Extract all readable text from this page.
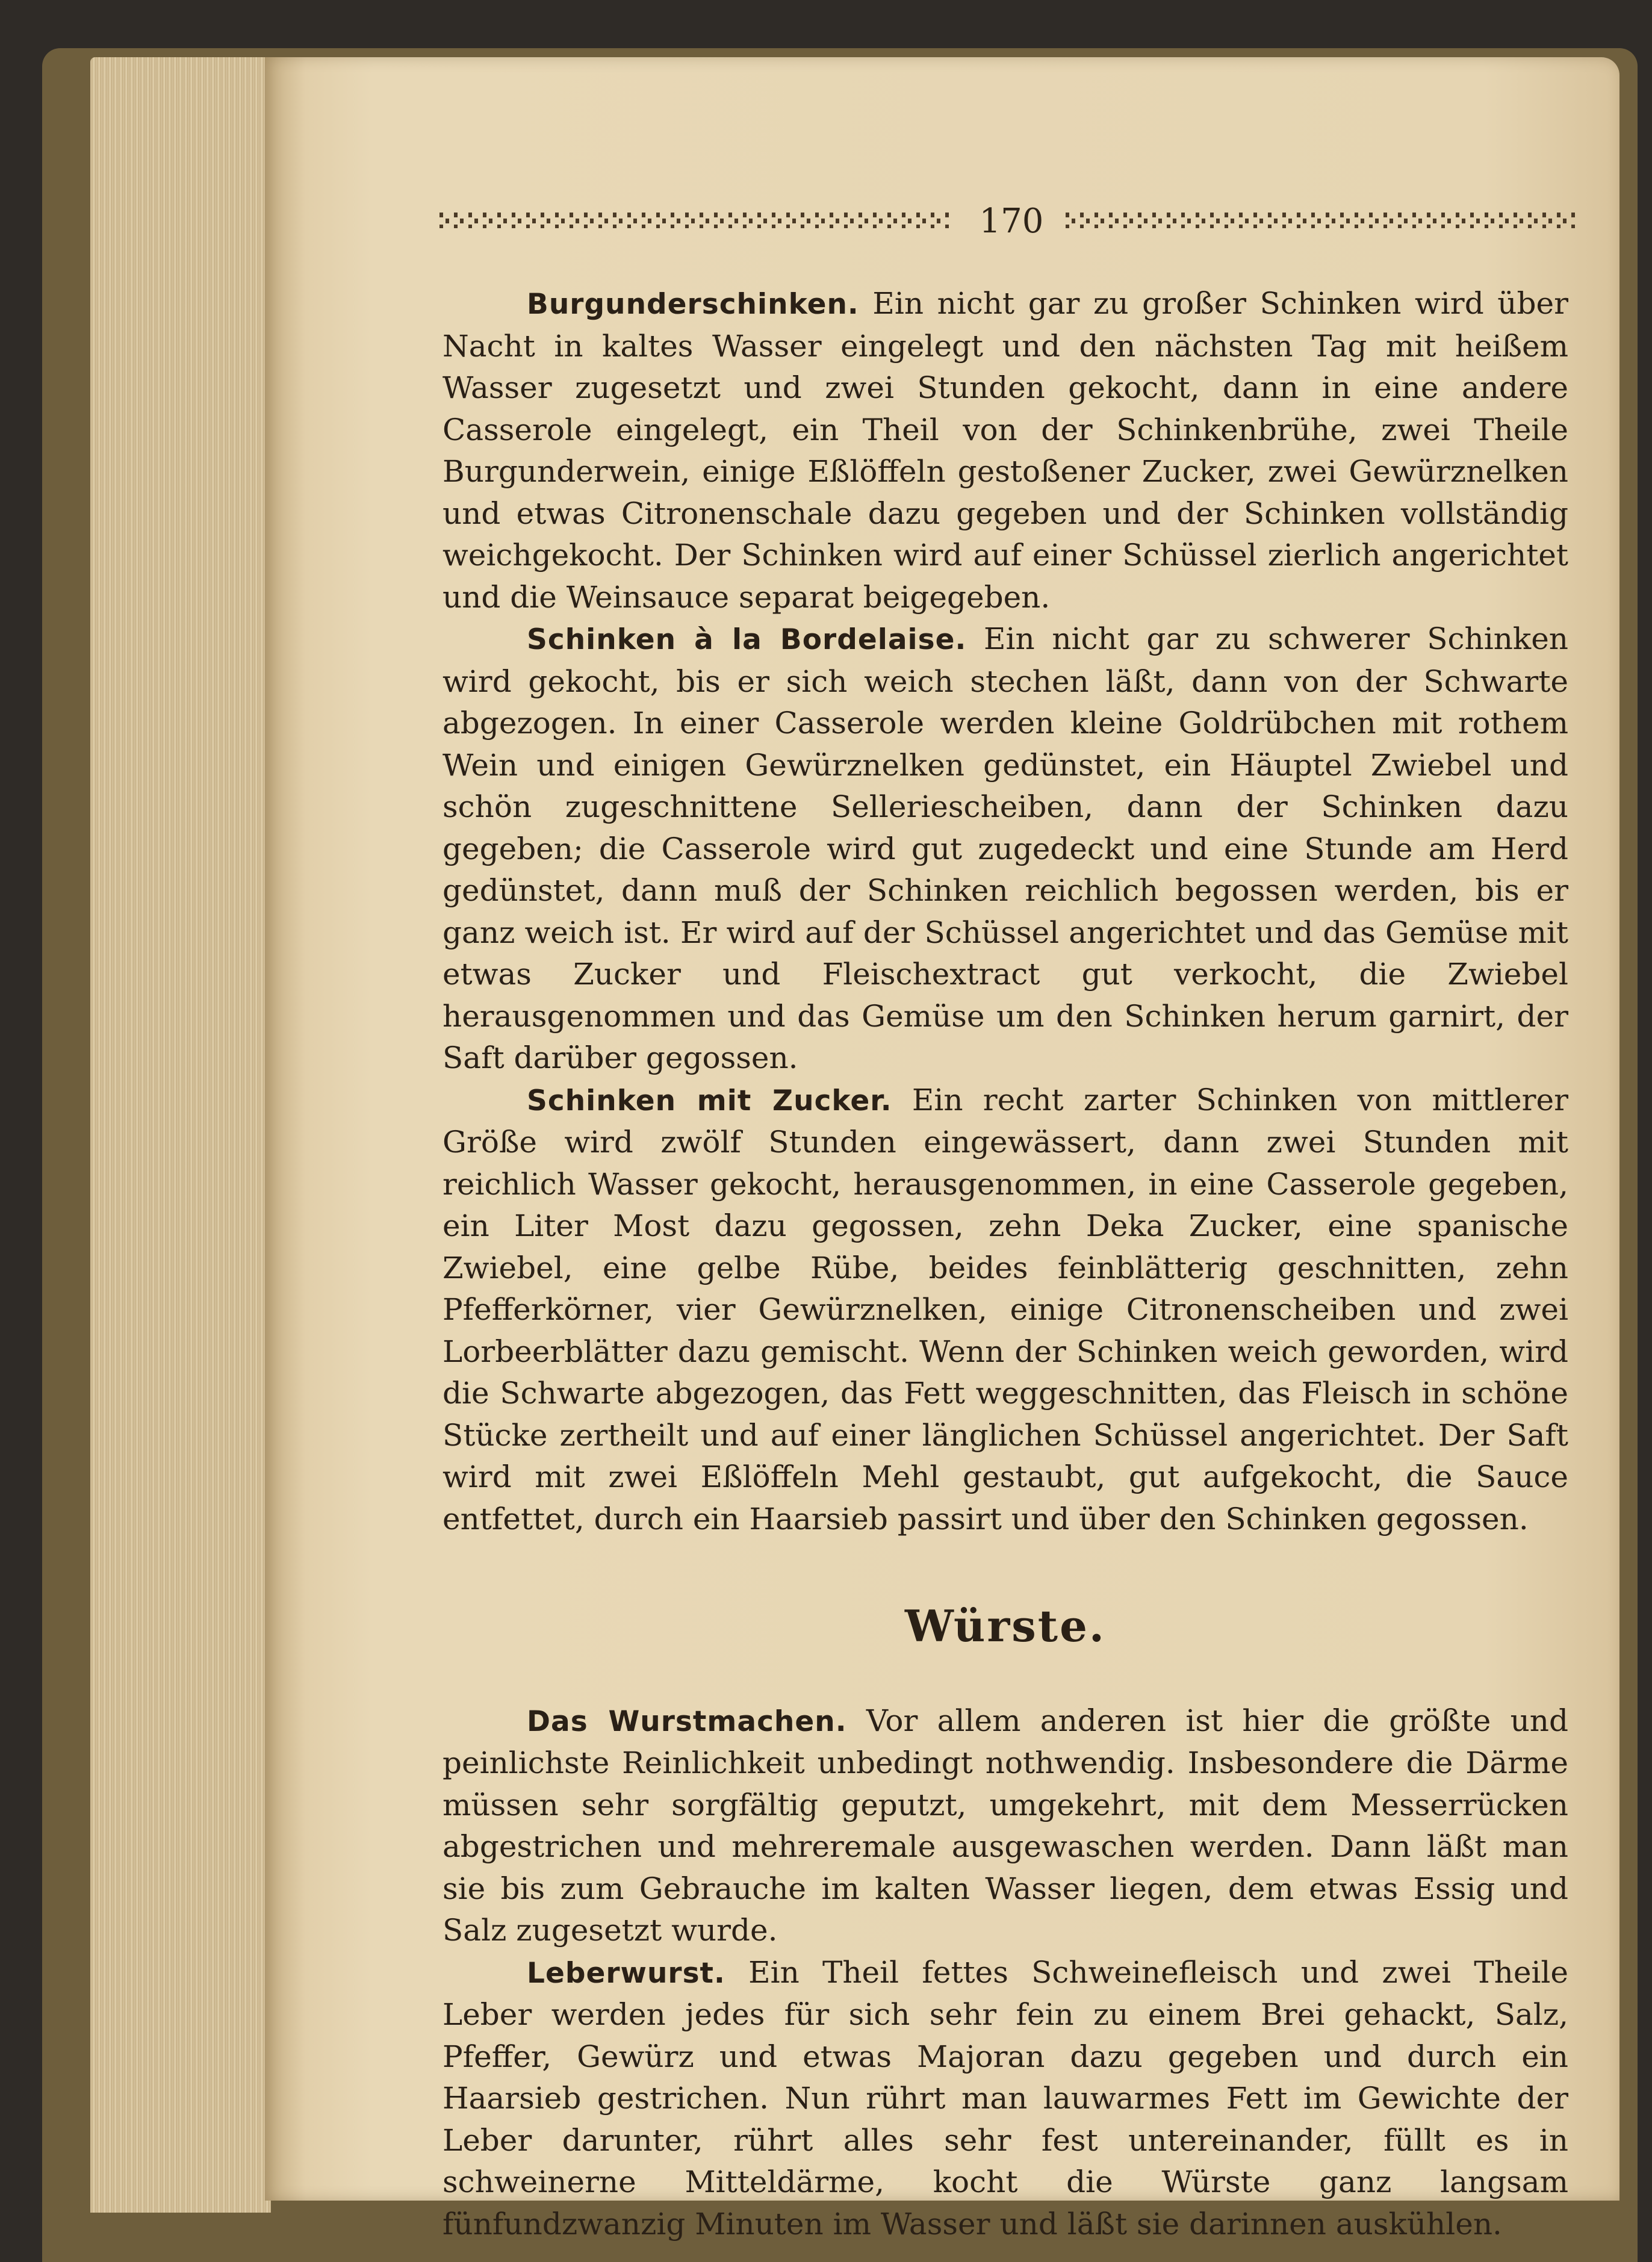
170

Burgunderschinken. Ein nicht gar zu großer Schinken wird über Nacht in kaltes Wasser eingelegt und den nächsten Tag mit heißem Wasser zugesetzt und zwei Stunden gekocht, dann in eine andere Casserole eingelegt, ein Theil von der Schinkenbrühe, zwei Theile Burgunderwein, einige Eßlöffeln gestoßener Zucker, zwei Gewürznelken und etwas Citronenschale dazu gegeben und der Schinken vollständig weichgekocht. Der Schinken wird auf einer Schüssel zierlich angerichtet und die Weinsauce separat beigegeben.

Schinken à la Bordelaise. Ein nicht gar zu schwerer Schinken wird gekocht, bis er sich weich stechen läßt, dann von der Schwarte abgezogen. In einer Casserole werden kleine Goldrübchen mit rothem Wein und einigen Gewürznelken gedünstet, ein Häuptel Zwiebel und schön zugeschnittene Sellerieschеiben, dann der Schinken dazu gegeben; die Casserole wird gut zugedeckt und eine Stunde am Herd gedünstet, dann muß der Schinken reichlich begossen werden, bis er ganz weich ist. Er wird auf der Schüssel angerichtet und das Gemüse mit etwas Zucker und Fleischextract gut verkocht, die Zwiebel herausgenommen und das Gemüse um den Schinken herum garnirt, der Saft darüber gegossen.

Schinken mit Zucker. Ein recht zarter Schinken von mittlerer Größe wird zwölf Stunden eingewässert, dann zwei Stunden mit reichlich Wasser gekocht, herausgenommen, in eine Casserole gegeben, ein Liter Most dazu gegossen, zehn Deka Zucker, eine spanische Zwiebel, eine gelbe Rübe, beides feinblätterig geschnitten, zehn Pfefferkörner, vier Gewürznelken, einige Citronenscheiben und zwei Lorbeerblätter dazu gemischt. Wenn der Schinken weich geworden, wird die Schwarte abgezogen, das Fett weggeschnitten, das Fleisch in schöne Stücke zertheilt und auf einer länglichen Schüssel angerichtet. Der Saft wird mit zwei Eßlöffeln Mehl gestaubt, gut aufgekocht, die Sauce entfettet, durch ein Haarsieb passirt und über den Schinken gegossen.

Würste.

Das Wurstmachen. Vor allem anderen ist hier die größte und peinlichste Reinlichkeit unbedingt nothwendig. Insbesondere die Därme müssen sehr sorgfältig geputzt, umgekehrt, mit dem Messerrücken abgestrichen und mehreremale ausgewaschen werden. Dann läßt man sie bis zum Gebrauche im kalten Wasser liegen, dem etwas Essig und Salz zugesetzt wurde.

Leberwurst. Ein Theil fettes Schweinefleisch und zwei Theile Leber werden jedes für sich sehr fein zu einem Brei gehackt, Salz, Pfeffer, Gewürz und etwas Majoran dazu gegeben und durch ein Haarsieb gestrichen. Nun rührt man lauwarmes Fett im Gewichte der Leber darunter, rührt alles sehr fest untereinander, füllt es in schweinerne Mitteldärme, kocht die Würste ganz langsam fünfundzwanzig Minuten im Wasser und läßt sie darinnen auskühlen.
